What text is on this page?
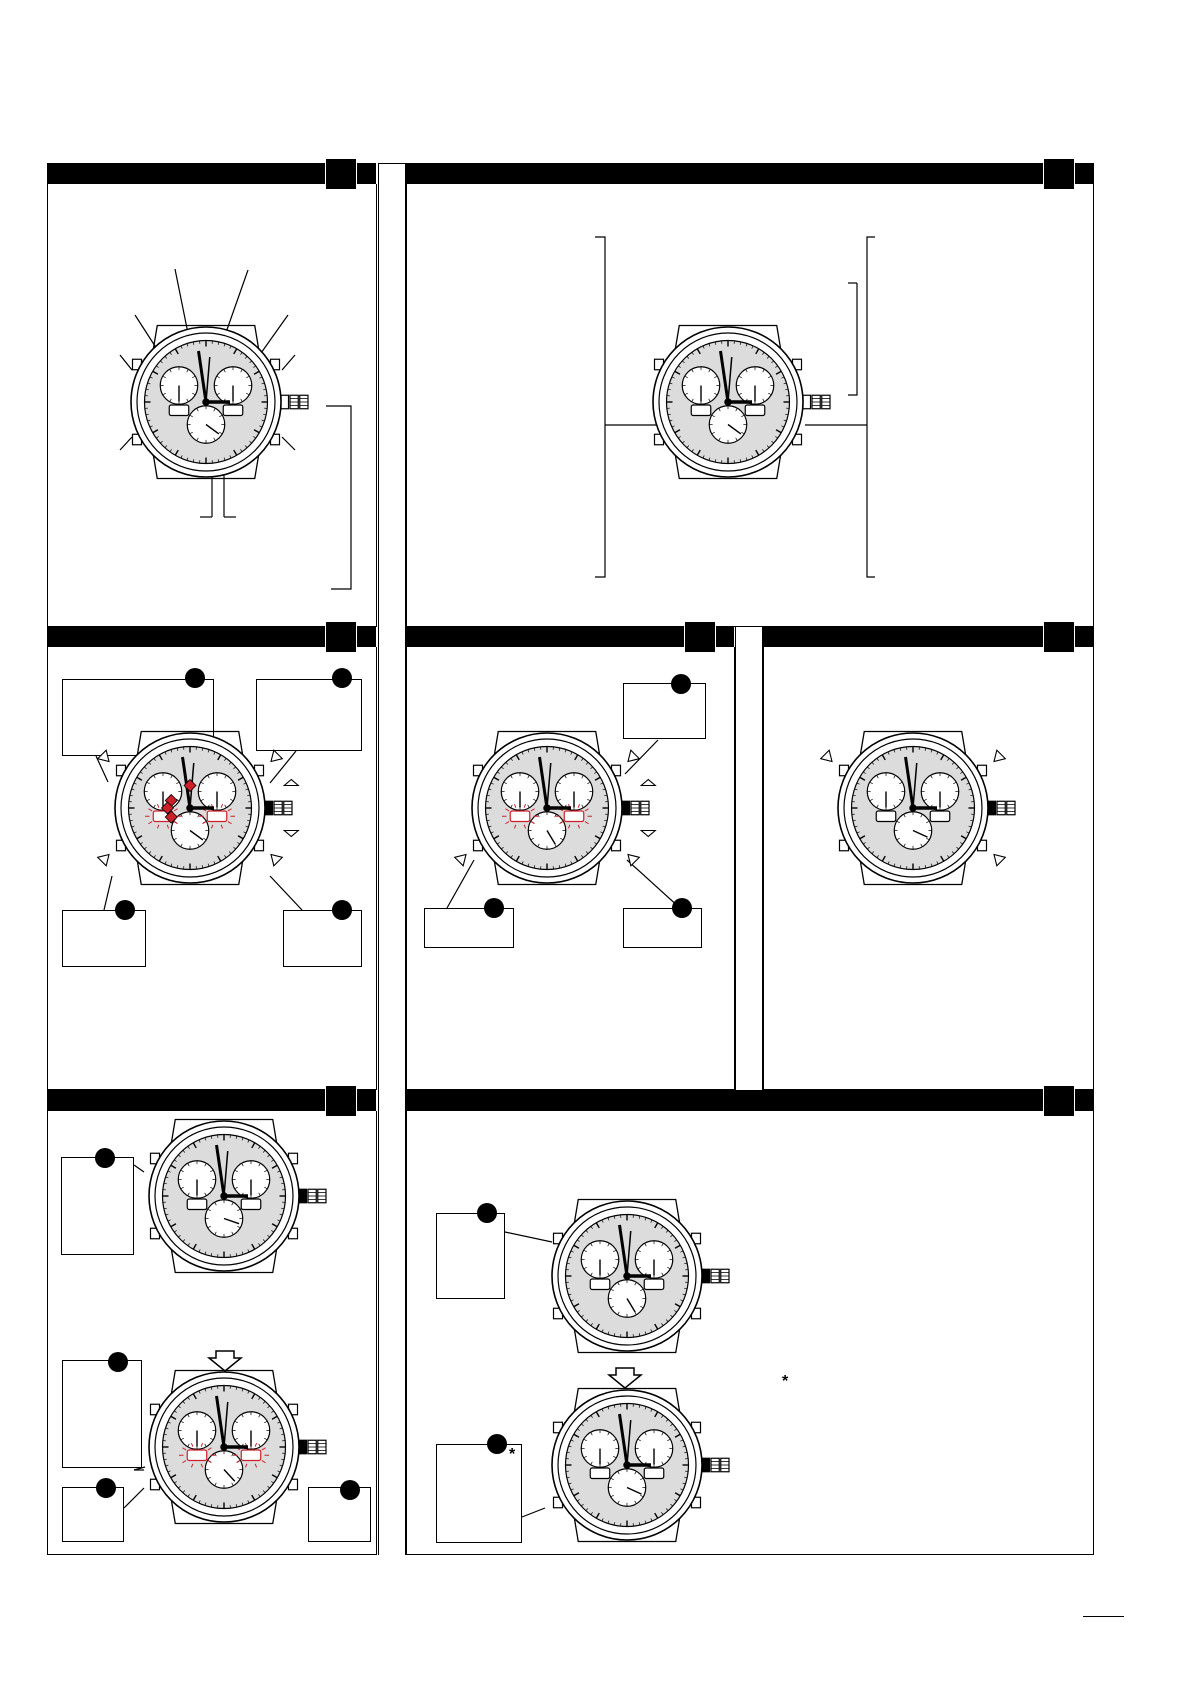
*
*
